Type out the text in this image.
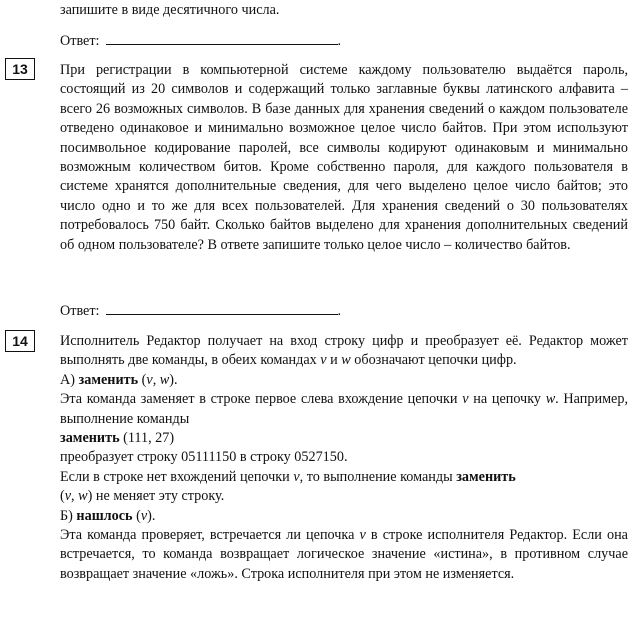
запишите в виде десятичного числа.

Ответ:	.
13	При регистрации в компьютерной системе каждому пользователю выдаётся пароль, состоящий из 20 символов и содержащий только заглавные буквы латинского алфавита – всего 26 возможных символов. В базе данных для хранения сведений о каждом пользователе отведено одинаковое и минимально возможное целое число байтов. При этом используют посимвольное кодирование паролей, все символы кодируют одинаковым и минимально возможным количеством битов. Кроме собственно пароля, для каждого пользователя в системе хранятся дополнительные сведения, для чего выделено целое число байтов; это число одно и то же для всех пользователей. Для хранения сведений о 30 пользователях потребовалось 750 байт. Сколько байтов выделено для хранения дополнительных сведений об одном пользователе? В ответе запишите только целое число – количество байтов.

Ответ:	.
14	Исполнитель Редактор получает на вход строку цифр и преобразует её. Редактор может выполнять две команды, в обеих командах v и w обозначают цепочки цифр.

А) заменить (v, w).

Эта команда заменяет в строке первое слева вхождение цепочки v на цепочку w. Например, выполнение команды

заменить (111, 27)

преобразует строку 05111150 в строку 0527150.

Если в строке нет вхождений цепочки v, то выполнение команды заменить
(v, w) не меняет эту строку.

Б) нашлось (v).

Эта команда проверяет, встречается ли цепочка v в строке исполнителя Редактор. Если она встречается, то команда возвращает логическое значение «истина», в противном случае возвращает значение «ложь». Строка исполнителя при этом не изменяется.
